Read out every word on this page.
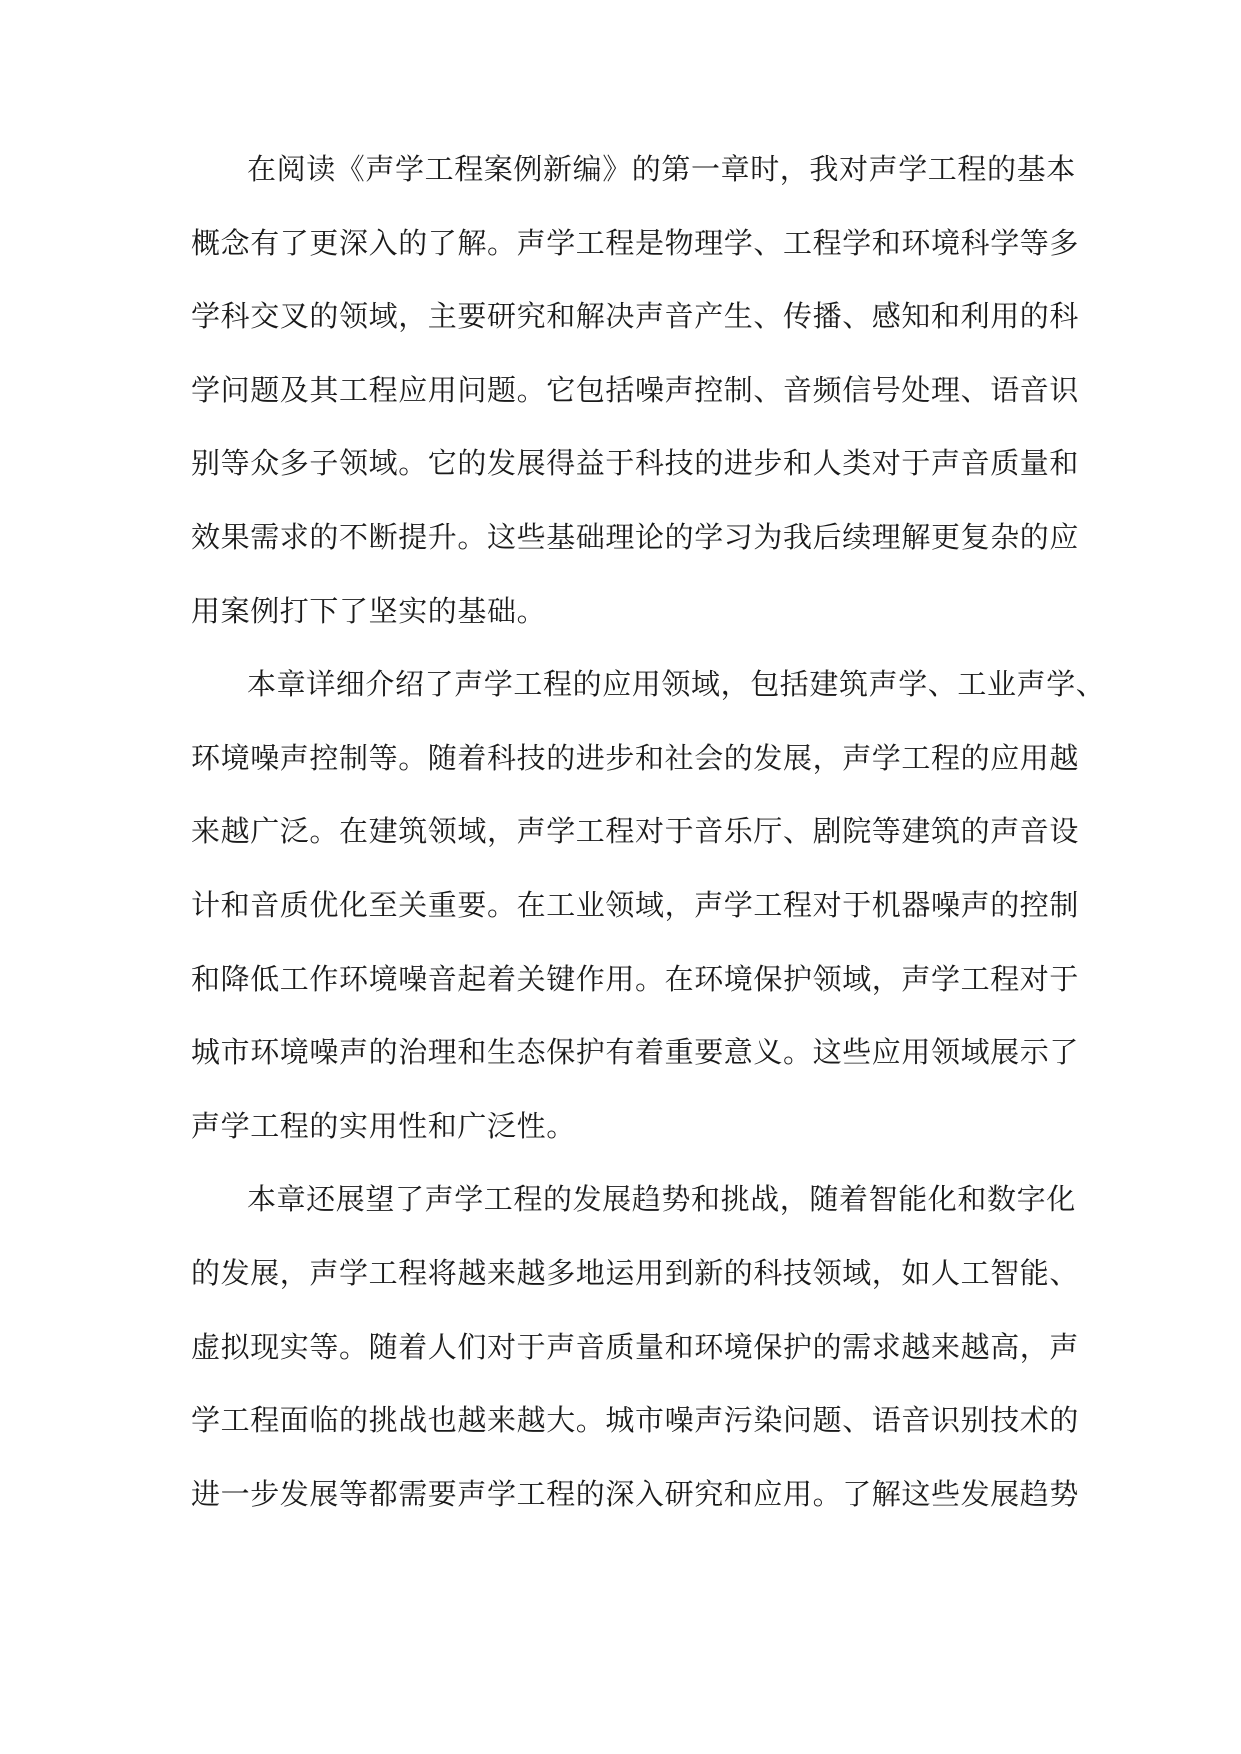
在阅读《声学工程案例新编》的第一章时，我对声学工程的基本
概念有了更深入的了解。声学工程是物理学、工程学和环境科学等多
学科交叉的领域，主要研究和解决声音产生、传播、感知和利用的科
学问题及其工程应用问题。它包括噪声控制、音频信号处理、语音识
别等众多子领域。它的发展得益于科技的进步和人类对于声音质量和
效果需求的不断提升。这些基础理论的学习为我后续理解更复杂的应
用案例打下了坚实的基础。
本章详细介绍了声学工程的应用领域，包括建筑声学、工业声学、
环境噪声控制等。随着科技的进步和社会的发展，声学工程的应用越
来越广泛。在建筑领域，声学工程对于音乐厅、剧院等建筑的声音设
计和音质优化至关重要。在工业领域，声学工程对于机器噪声的控制
和降低工作环境噪音起着关键作用。在环境保护领域，声学工程对于
城市环境噪声的治理和生态保护有着重要意义。这些应用领域展示了
声学工程的实用性和广泛性。
本章还展望了声学工程的发展趋势和挑战，随着智能化和数字化
的发展，声学工程将越来越多地运用到新的科技领域，如人工智能、
虚拟现实等。随着人们对于声音质量和环境保护的需求越来越高，声
学工程面临的挑战也越来越大。城市噪声污染问题、语音识别技术的
进一步发展等都需要声学工程的深入研究和应用。了解这些发展趋势
